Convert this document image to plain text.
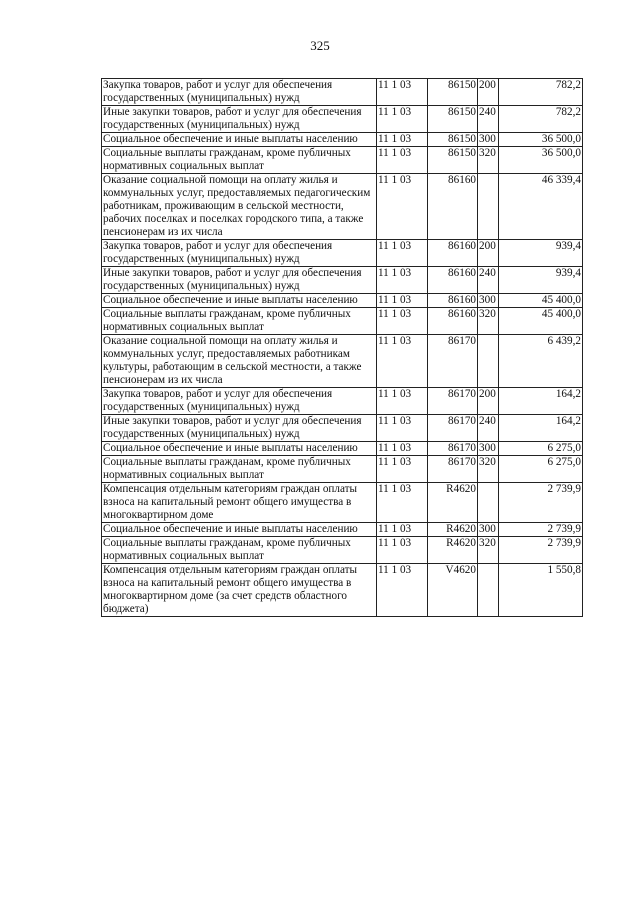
325
Закупка товаров, работ и услуг для обеспечения государственных (муниципальных) нужд	11 1 03	86150	200	782,2
Иные закупки товаров, работ и услуг для обеспечения государственных (муниципальных) нужд	11 1 03	86150	240	782,2
Социальное обеспечение и иные выплаты населению	11 1 03	86150	300	36 500,0
Социальные выплаты гражданам, кроме публичных нормативных социальных выплат	11 1 03	86150	320	36 500,0
Оказание социальной помощи на оплату жилья и коммунальных услуг, предоставляемых педагогическим работникам, проживающим в сельской местности, рабочих поселках и поселках городского типа, а также пенсионерам из их числа	11 1 03	86160		46 339,4
Закупка товаров, работ и услуг для обеспечения государственных (муниципальных) нужд	11 1 03	86160	200	939,4
Иные закупки товаров, работ и услуг для обеспечения государственных (муниципальных) нужд	11 1 03	86160	240	939,4
Социальное обеспечение и иные выплаты населению	11 1 03	86160	300	45 400,0
Социальные выплаты гражданам, кроме публичных нормативных социальных выплат	11 1 03	86160	320	45 400,0
Оказание социальной помощи на оплату жилья и коммунальных услуг, предоставляемых работникам культуры, работающим в сельской местности, а также пенсионерам из их числа	11 1 03	86170		6 439,2
Закупка товаров, работ и услуг для обеспечения государственных (муниципальных) нужд	11 1 03	86170	200	164,2
Иные закупки товаров, работ и услуг для обеспечения государственных (муниципальных) нужд	11 1 03	86170	240	164,2
Социальное обеспечение и иные выплаты населению	11 1 03	86170	300	6 275,0
Социальные выплаты гражданам, кроме публичных нормативных социальных выплат	11 1 03	86170	320	6 275,0
Компенсация отдельным категориям граждан оплаты взноса на капитальный ремонт общего имущества в многоквартирном доме	11 1 03	R4620		2 739,9
Социальное обеспечение и иные выплаты населению	11 1 03	R4620	300	2 739,9
Социальные выплаты гражданам, кроме публичных нормативных социальных выплат	11 1 03	R4620	320	2 739,9
Компенсация отдельным категориям граждан оплаты взноса на капитальный ремонт общего имущества в многоквартирном доме (за счет средств областного бюджета)	11 1 03	V4620		1 550,8
